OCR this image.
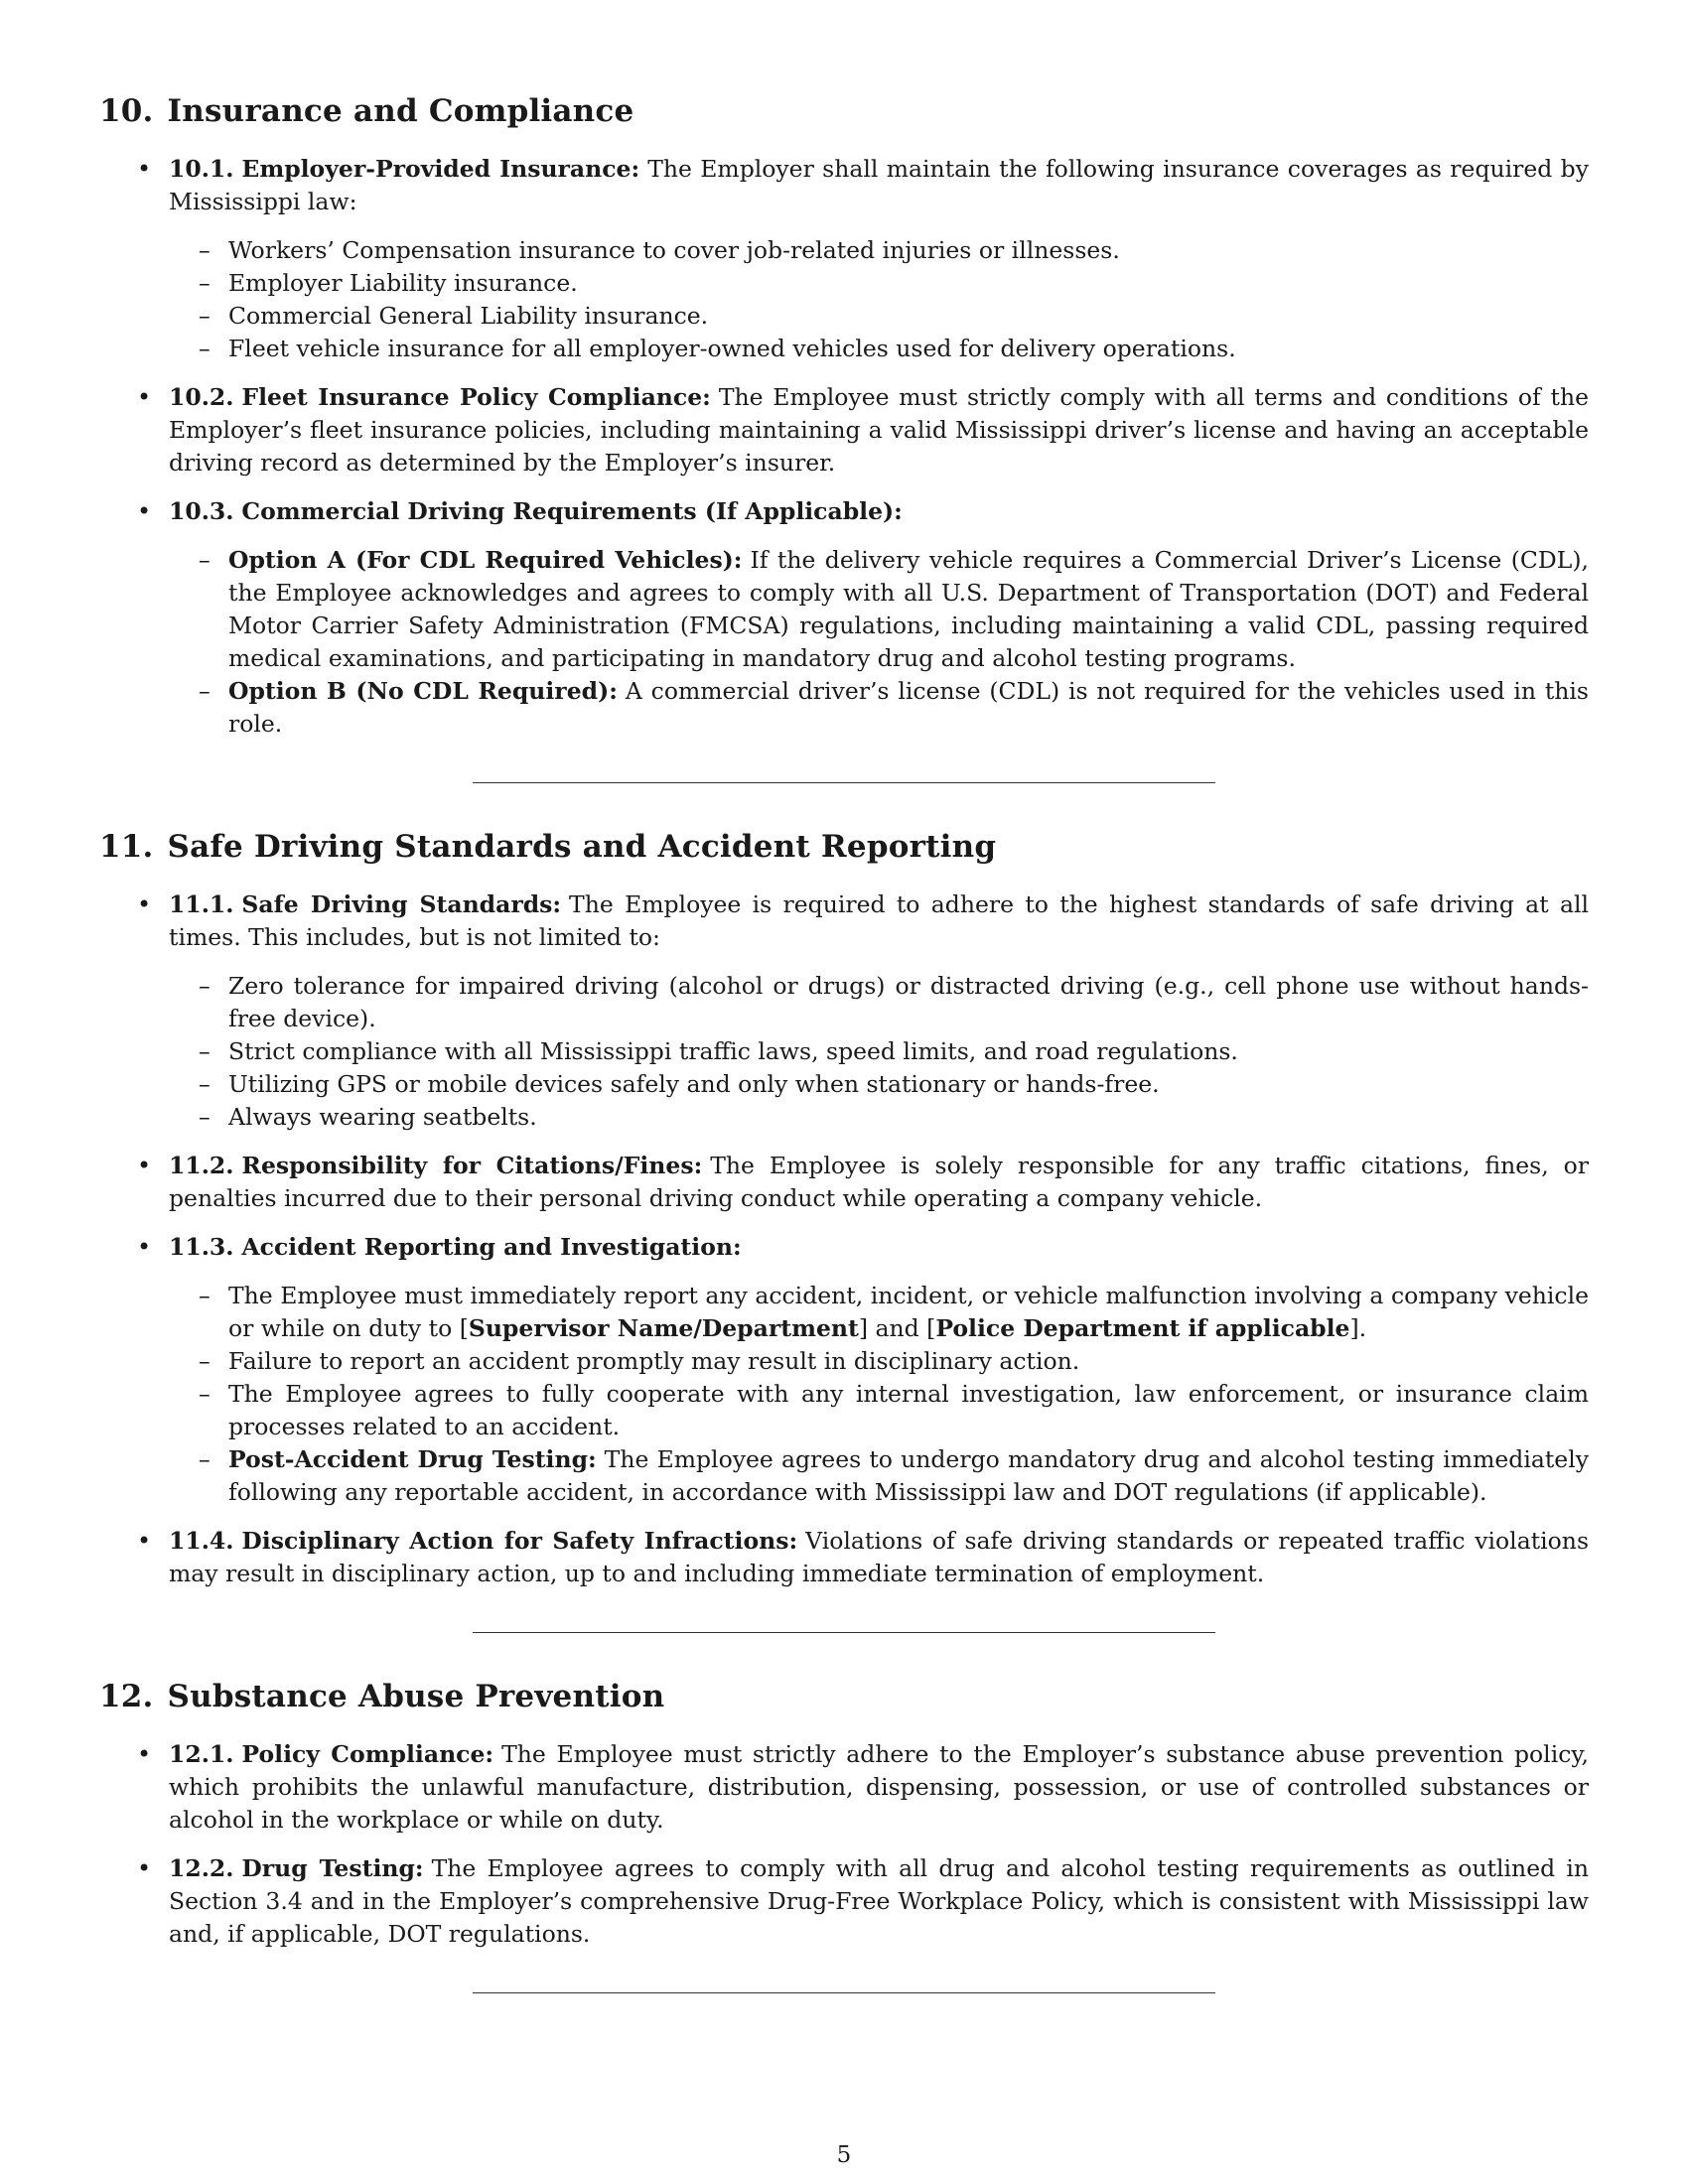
10. Insurance and Compliance
• 10.1. Employer-Provided Insurance: The Employer shall maintain the following insurance coverages as required by Mississippi law:
– Workers’ Compensation insurance to cover job-related injuries or illnesses.
– Employer Liability insurance.
– Commercial General Liability insurance.
– Fleet vehicle insurance for all employer-owned vehicles used for delivery operations.
• 10.2. Fleet Insurance Policy Compliance: The Employee must strictly comply with all terms and conditions of the Employer’s fleet insurance policies, including maintaining a valid Mississippi driver’s license and having an acceptable driving record as determined by the Employer’s insurer.
• 10.3. Commercial Driving Requirements (If Applicable):
– Option A (For CDL Required Vehicles): If the delivery vehicle requires a Commercial Driver’s License (CDL), the Employee acknowledges and agrees to comply with all U.S. Department of Transportation (DOT) and Federal Motor Carrier Safety Administration (FMCSA) regulations, including maintaining a valid CDL, passing required medical examinations, and participating in mandatory drug and alcohol testing programs.
– Option B (No CDL Required): A commercial driver’s license (CDL) is not required for the vehicles used in this role.
11. Safe Driving Standards and Accident Reporting
• 11.1. Safe Driving Standards: The Employee is required to adhere to the highest standards of safe driving at all times. This includes, but is not limited to:
– Zero tolerance for impaired driving (alcohol or drugs) or distracted driving (e.g., cell phone use without hands-free device).
– Strict compliance with all Mississippi traffic laws, speed limits, and road regulations.
– Utilizing GPS or mobile devices safely and only when stationary or hands-free.
– Always wearing seatbelts.
• 11.2. Responsibility for Citations/Fines: The Employee is solely responsible for any traffic citations, fines, or penalties incurred due to their personal driving conduct while operating a company vehicle.
• 11.3. Accident Reporting and Investigation:
– The Employee must immediately report any accident, incident, or vehicle malfunction involving a company vehicle or while on duty to [Supervisor Name/Department] and [Police Department if applicable].
– Failure to report an accident promptly may result in disciplinary action.
– The Employee agrees to fully cooperate with any internal investigation, law enforcement, or insurance claim processes related to an accident.
– Post-Accident Drug Testing: The Employee agrees to undergo mandatory drug and alcohol testing immediately following any reportable accident, in accordance with Mississippi law and DOT regulations (if applicable).
• 11.4. Disciplinary Action for Safety Infractions: Violations of safe driving standards or repeated traffic violations may result in disciplinary action, up to and including immediate termination of employment.
12. Substance Abuse Prevention
• 12.1. Policy Compliance: The Employee must strictly adhere to the Employer’s substance abuse prevention policy, which prohibits the unlawful manufacture, distribution, dispensing, possession, or use of controlled substances or alcohol in the workplace or while on duty.
• 12.2. Drug Testing: The Employee agrees to comply with all drug and alcohol testing requirements as outlined in Section 3.4 and in the Employer’s comprehensive Drug-Free Workplace Policy, which is consistent with Mississippi law and, if applicable, DOT regulations.
5
